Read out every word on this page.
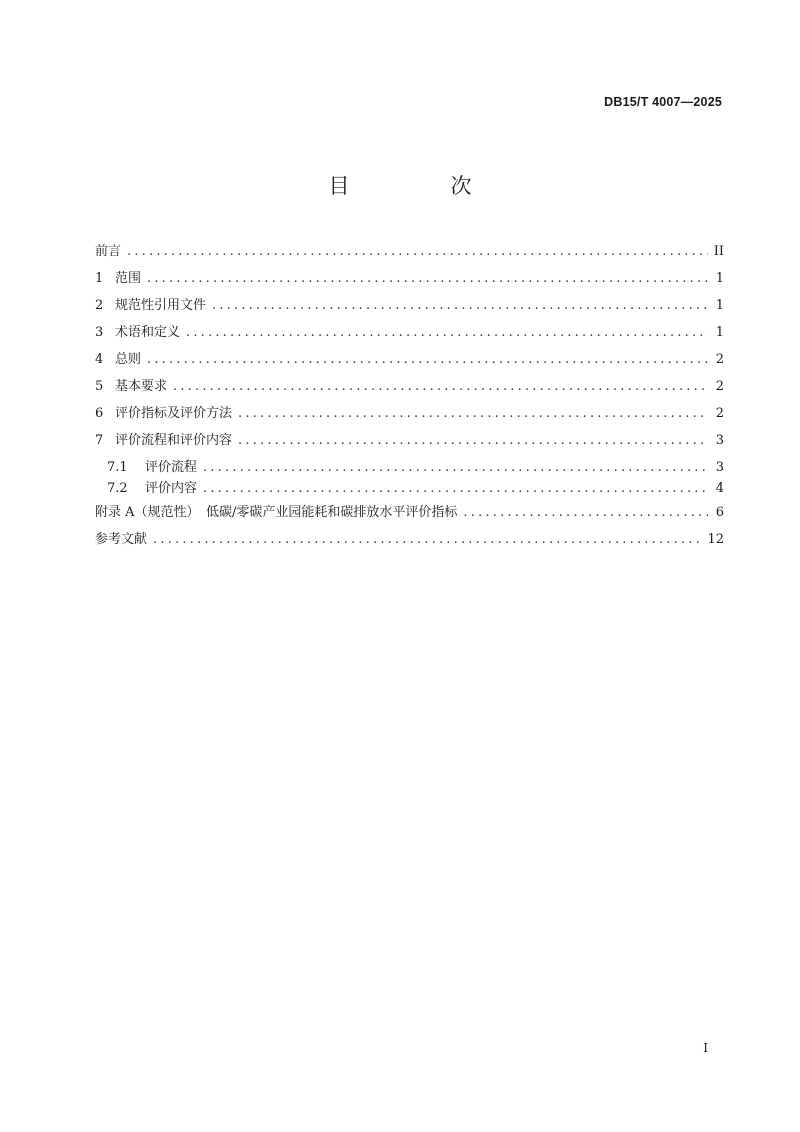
DB15/T 4007—2025
目　次
前言 .....	II
1 范围 .....	1
2 规范性引用文件 .....	1
3 术语和定义 .....	1
4 总则 .....	2
5 基本要求 .....	2
6 评价指标及评价方法 .....	2
7 评价流程和评价内容 .....	3
7.1	评价流程 .....	3
7.2	评价内容 .....	4
附录 A（规范性）　低碳/零碳产业园能耗和碳排放水平评价指标 .....	6
参考文献 .....	12
I
